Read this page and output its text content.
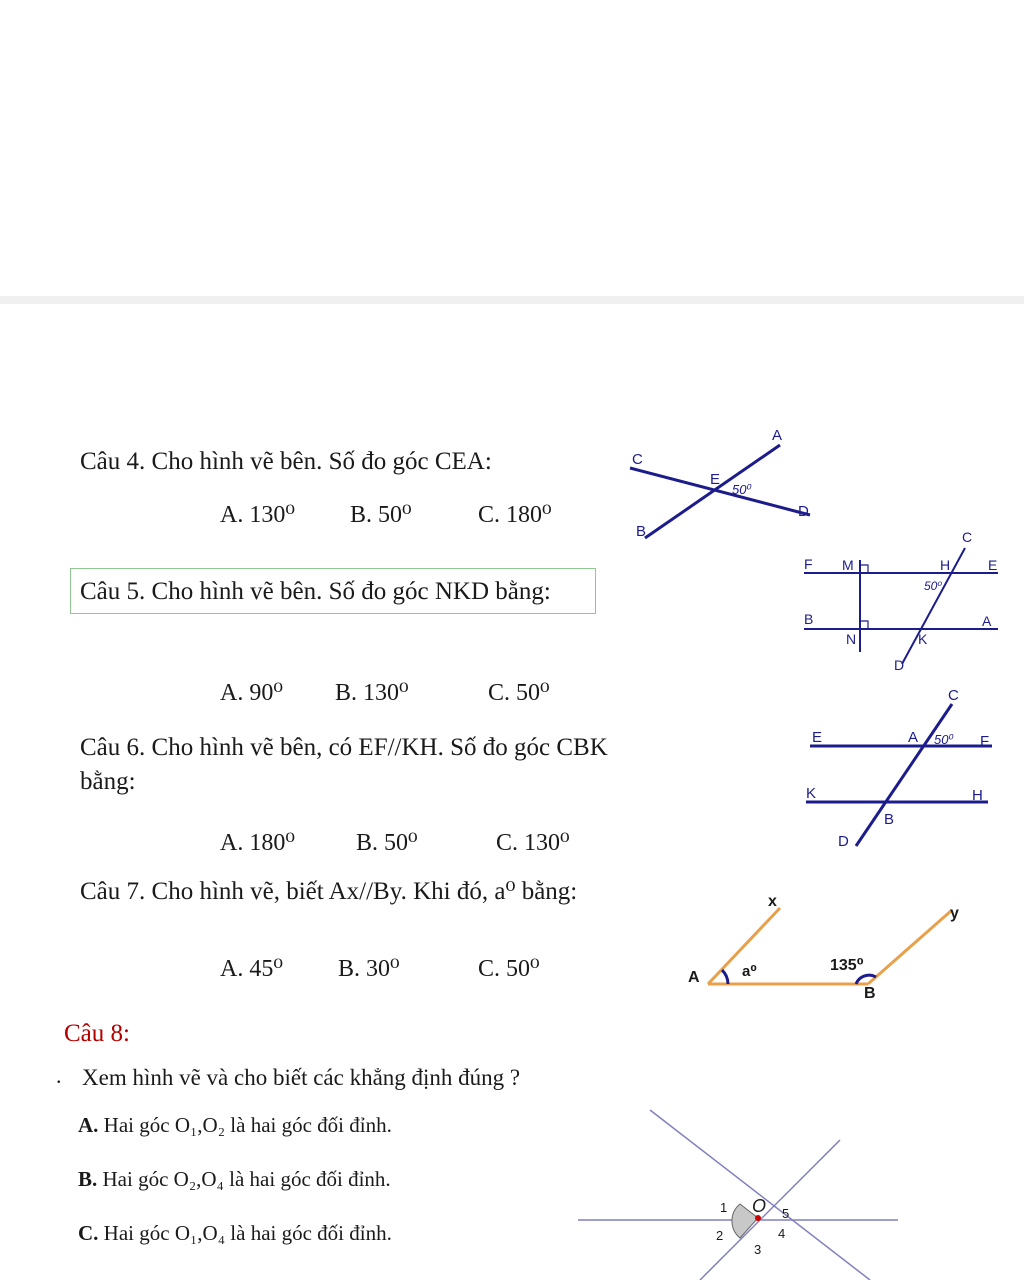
Câu 4. Cho hình vẽ bên. Số đo góc CEA:
A. 130⁰ B. 50⁰	C. 180⁰
A
C
E
50⁰
D
B
Câu 5. Cho hình vẽ bên. Số đo góc NKD bằng:
A. 90⁰ B. 130⁰	C. 50⁰
C
F M	H	E
50⁰
B	A
N	K
D
Câu 6. Cho hình vẽ bên, có EF//KH. Số đo góc CBK
bằng:
A. 180⁰	B. 50⁰	C. 130⁰
C
E	A 50⁰ F
K	H
B
D
Câu 7. Cho hình vẽ, biết Ax//By. Khi đó, a⁰ bằng:
A. 45⁰ B. 30⁰	C. 50⁰
x
y
A	a⁰	135⁰
B
Câu 8:
. Xem hình vẽ và cho biết các khẳng định đúng ?
A. Hai góc O₁,O₂ là hai góc đối đỉnh.
B. Hai góc O₂,O₄ là hai góc đối đỉnh.
C. Hai góc O₁,O₄ là hai góc đối đỉnh.
1 O 5
2	4
3
